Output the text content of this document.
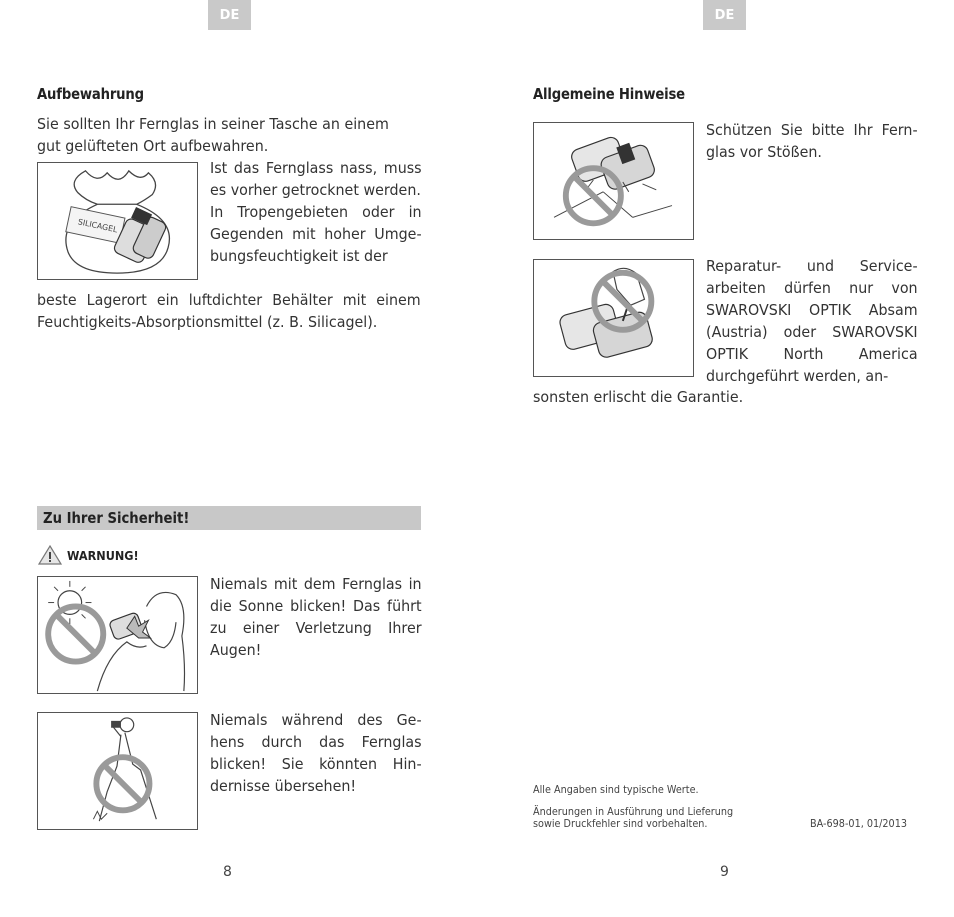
DE	DE
Aufbewahrung

Sie sollten Ihr Fernglas in seiner Tasche an einem

gut gelüfteten Ort aufbewahren.

SILICAGEL

Ist das Fernglass nass, muss es vorher getrocknet werden.
In Tropengebieten oder in Gegenden mit hoher Umge- bungsfeuchtigkeit ist der

beste Lagerort ein luftdichter Behälter mit einem Feuchtigkeits-Absorptionsmittel (z. B. Silicagel).

Zu Ihrer Sicherheit!
WARNUNG!

Niemals mit dem Fernglas in die Sonne blicken! Das führt zu einer Verletzung Ihrer Augen!

Niemals während des Ge- hens durch das Fernglas blicken! Sie könnten Hin- dernisse übersehen!

8
Allgemeine Hinweise

Schützen Sie bitte Ihr Fern- glas vor Stößen.

Reparatur- und Service- arbeiten dürfen nur von SWAROVSKI OPTIK Absam (Austria) oder SWAROVSKI OPTIK North America durchgeführt werden, an-

sonsten erlischt die Garantie.

Alle Angaben sind typische Werte.
Änderungen in Ausführung und Lieferung
sowie Druckfehler sind vorbehalten.	BA-698-01, 01/2013
9
